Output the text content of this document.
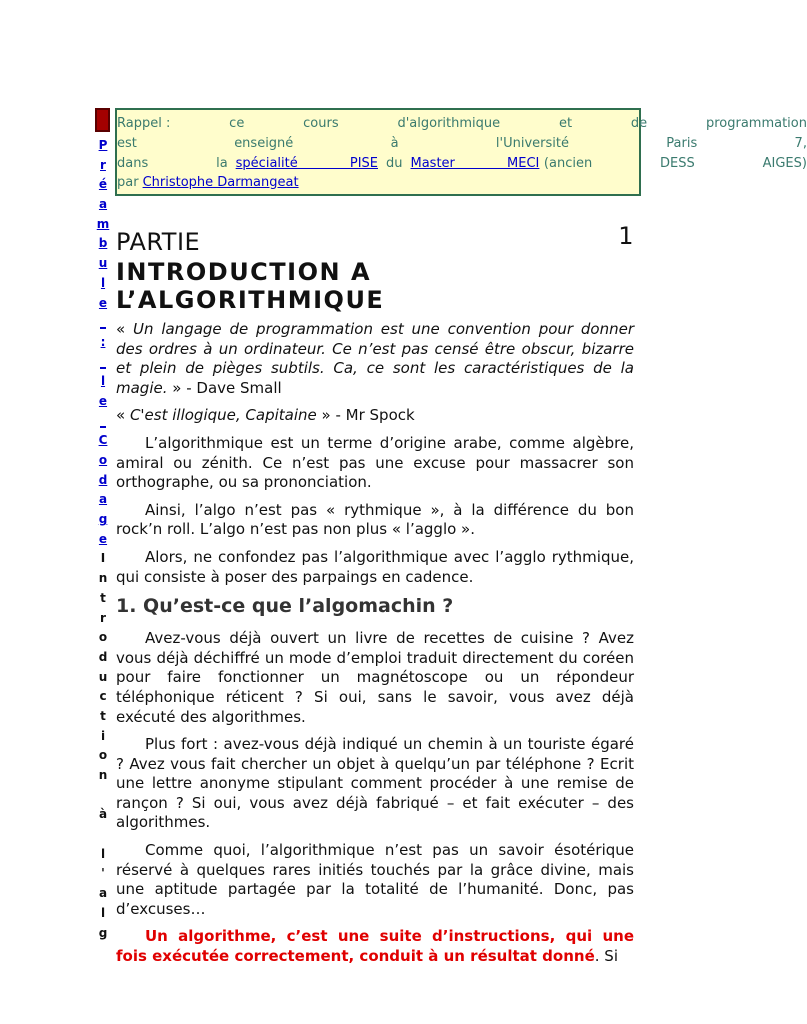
P
r
é
a
m
b
u
l
e
_
:
_
l
e
_
C
o
d
a
g
e
I
n
t
r
o
d
u
c
t
i
o
n
à
l
'
a
l
g
Rappel :	ce	cours	d'algorithmique	et	de	programmation
est	enseigné	à	l'Université	Paris	7,
dans	la spécialité PISE du Master MECI (ancien	DESS	AIGES)
par Christophe Darmangeat
PARTIE	1
INTRODUCTION A L’ALGORITHMIQUE

« Un langage de programmation est une convention pour donner des ordres à un ordinateur. Ce n’est pas censé être obscur, bizarre et plein de pièges subtils. Ca, ce sont les caractéristiques de la magie. » - Dave Small

« C'est illogique, Capitaine » - Mr Spock

L’algorithmique est un terme d’origine arabe, comme algèbre, amiral ou zénith. Ce n’est pas une excuse pour massacrer son orthographe, ou sa prononciation.

Ainsi, l’algo n’est pas « rythmique », à la différence du bon rock’n roll. L’algo n’est pas non plus « l’agglo ».

Alors, ne confondez pas l’algorithmique avec l’agglo rythmique, qui consiste à poser des parpaings en cadence.

1. Qu’est-ce que l’algomachin ?

Avez-vous déjà ouvert un livre de recettes de cuisine ? Avez vous déjà déchiffré un mode d’emploi traduit directement du coréen pour faire fonctionner un magnétoscope ou un répondeur téléphonique réticent ? Si oui, sans le savoir, vous avez déjà exécuté des algorithmes.

Plus fort : avez-vous déjà indiqué un chemin à un touriste égaré ? Avez vous fait chercher un objet à quelqu’un par téléphone ? Ecrit une lettre anonyme stipulant comment procéder à une remise de rançon ? Si oui, vous avez déjà fabriqué – et fait exécuter – des algorithmes.

Comme quoi, l’algorithmique n’est pas un savoir ésotérique réservé à quelques rares initiés touchés par la grâce divine, mais une aptitude partagée par la totalité de l’humanité. Donc, pas d’excuses…

Un algorithme, c’est une suite d’instructions, qui une fois exécutée correctement, conduit à un résultat donné. Si
